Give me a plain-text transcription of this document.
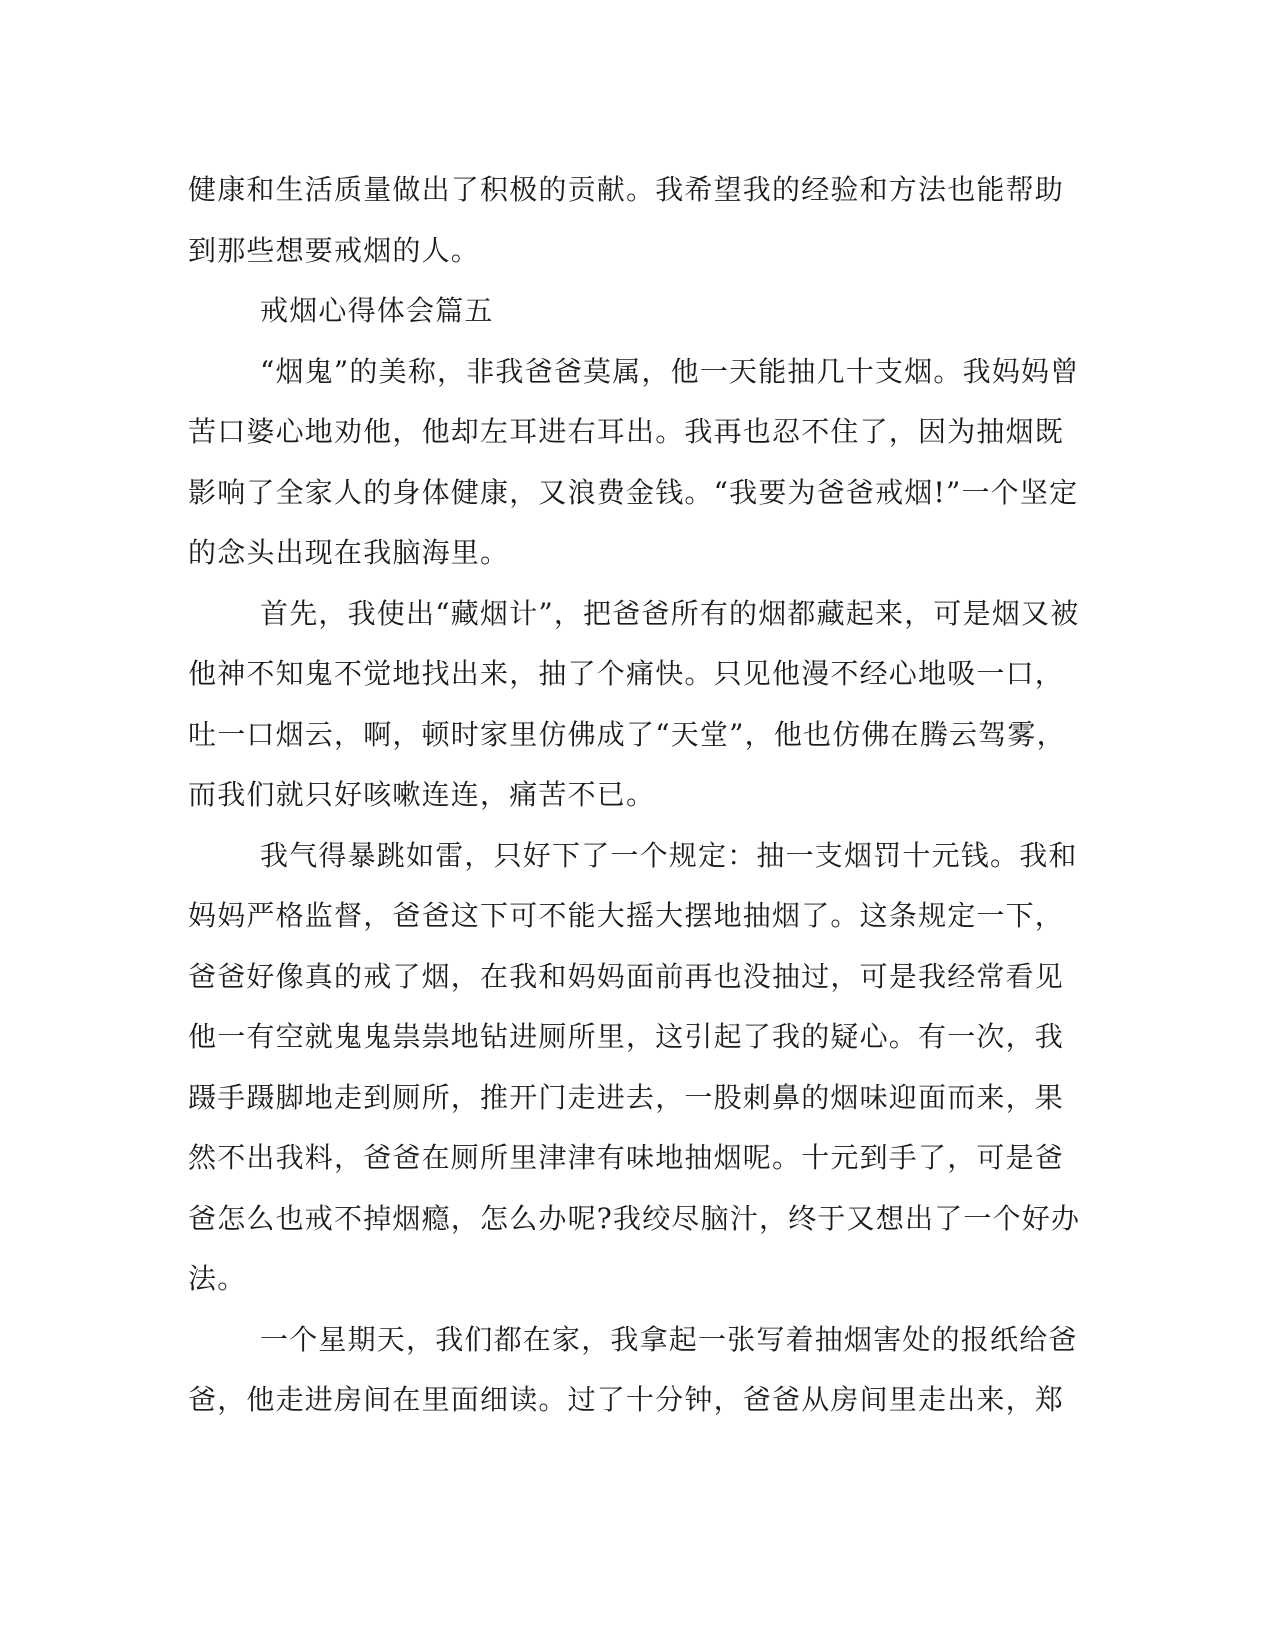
健康和生活质量做出了积极的贡献。我希望我的经验和方法也能帮助
到那些想要戒烟的人。
戒烟心得体会篇五
“烟鬼”的美称，非我爸爸莫属，他一天能抽几十支烟。我妈妈曾
苦口婆心地劝他，他却左耳进右耳出。我再也忍不住了，因为抽烟既
影响了全家人的身体健康，又浪费金钱。“我要为爸爸戒烟!”一个坚定
的念头出现在我脑海里。
首先，我使出“藏烟计”，把爸爸所有的烟都藏起来，可是烟又被
他神不知鬼不觉地找出来，抽了个痛快。只见他漫不经心地吸一口，
吐一口烟云，啊，顿时家里仿佛成了“天堂”，他也仿佛在腾云驾雾，
而我们就只好咳嗽连连，痛苦不已。
我气得暴跳如雷，只好下了一个规定：抽一支烟罚十元钱。我和
妈妈严格监督，爸爸这下可不能大摇大摆地抽烟了。这条规定一下，
爸爸好像真的戒了烟，在我和妈妈面前再也没抽过，可是我经常看见
他一有空就鬼鬼祟祟地钻进厕所里，这引起了我的疑心。有一次，我
蹑手蹑脚地走到厕所，推开门走进去，一股刺鼻的烟味迎面而来，果
然不出我料，爸爸在厕所里津津有味地抽烟呢。十元到手了，可是爸
爸怎么也戒不掉烟瘾，怎么办呢?我绞尽脑汁，终于又想出了一个好办
法。
一个星期天，我们都在家，我拿起一张写着抽烟害处的报纸给爸
爸，他走进房间在里面细读。过了十分钟，爸爸从房间里走出来，郑
